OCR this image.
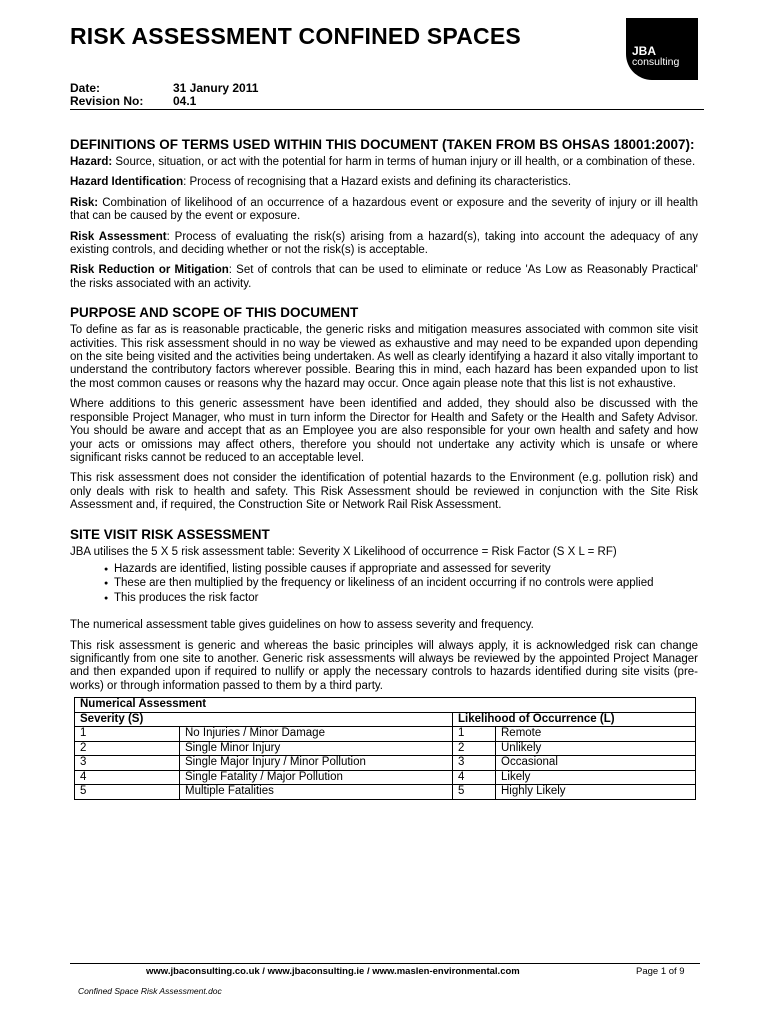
RISK ASSESSMENT CONFINED SPACES
JBA
consulting
Date:	31 Janury 2011
Revision No:	04.1
DEFINITIONS OF TERMS USED WITHIN THIS DOCUMENT (TAKEN FROM BS OHSAS 18001:2007):

Hazard: Source, situation, or act with the potential for harm in terms of human injury or ill health, or a combination of these.

Hazard Identification: Process of recognising that a Hazard exists and defining its characteristics.

Risk: Combination of likelihood of an occurrence of a hazardous event or exposure and the severity of injury or ill health that can be caused by the event or exposure.

Risk Assessment: Process of evaluating the risk(s) arising from a hazard(s), taking into account the adequacy of any existing controls, and deciding whether or not the risk(s) is acceptable.

Risk Reduction or Mitigation: Set of controls that can be used to eliminate or reduce 'As Low as Reasonably Practical' the risks associated with an activity.

PURPOSE AND SCOPE OF THIS DOCUMENT

To define as far as is reasonable practicable, the generic risks and mitigation measures associated with common site visit activities. This risk assessment should in no way be viewed as exhaustive and may need to be expanded upon depending on the site being visited and the activities being undertaken. As well as clearly identifying a hazard it also vitally important to understand the contributory factors wherever possible. Bearing this in mind, each hazard has been expanded upon to list the most common causes or reasons why the hazard may occur. Once again please note that this list is not exhaustive.

Where additions to this generic assessment have been identified and added, they should also be discussed with the responsible Project Manager, who must in turn inform the Director for Health and Safety or the Health and Safety Advisor. You should be aware and accept that as an Employee you are also responsible for your own health and safety and how your acts or omissions may affect others, therefore you should not undertake any activity which is unsafe or where significant risks cannot be reduced to an acceptable level.

This risk assessment does not consider the identification of potential hazards to the Environment (e.g. pollution risk) and only deals with risk to health and safety. This Risk Assessment should be reviewed in conjunction with the Site Risk Assessment and, if required, the Construction Site or Network Rail Risk Assessment.

SITE VISIT RISK ASSESSMENT

JBA utilises the 5 X 5 risk assessment table: Severity X Likelihood of occurrence = Risk Factor (S X L = RF)

● Hazards are identified, listing possible causes if appropriate and assessed for severity
● These are then multiplied by the frequency or likeliness of an incident occurring if no controls were applied
● This produces the risk factor

The numerical assessment table gives guidelines on how to assess severity and frequency.

This risk assessment is generic and whereas the basic principles will always apply, it is acknowledged risk can change significantly from one site to another. Generic risk assessments will always be reviewed by the appointed Project Manager and then expanded upon if required to nullify or apply the necessary controls to hazards identified during site visits (pre-works) or through information passed to them by a third party.

Numerical Assessment			
Severity (S)		Likelihood of Occurrence (L)	
1	No Injuries / Minor Damage	1	Remote
2	Single Minor Injury	2	Unlikely
3	Single Major Injury / Minor Pollution	3	Occasional
4	Single Fatality / Major Pollution	4	Likely
5	Multiple Fatalities	5	Highly Likely
www.jbaconsulting.co.uk / www.jbaconsulting.ie / www.maslen-environmental.com	Page 1 of 9
Confined Space Risk Assessment.doc
